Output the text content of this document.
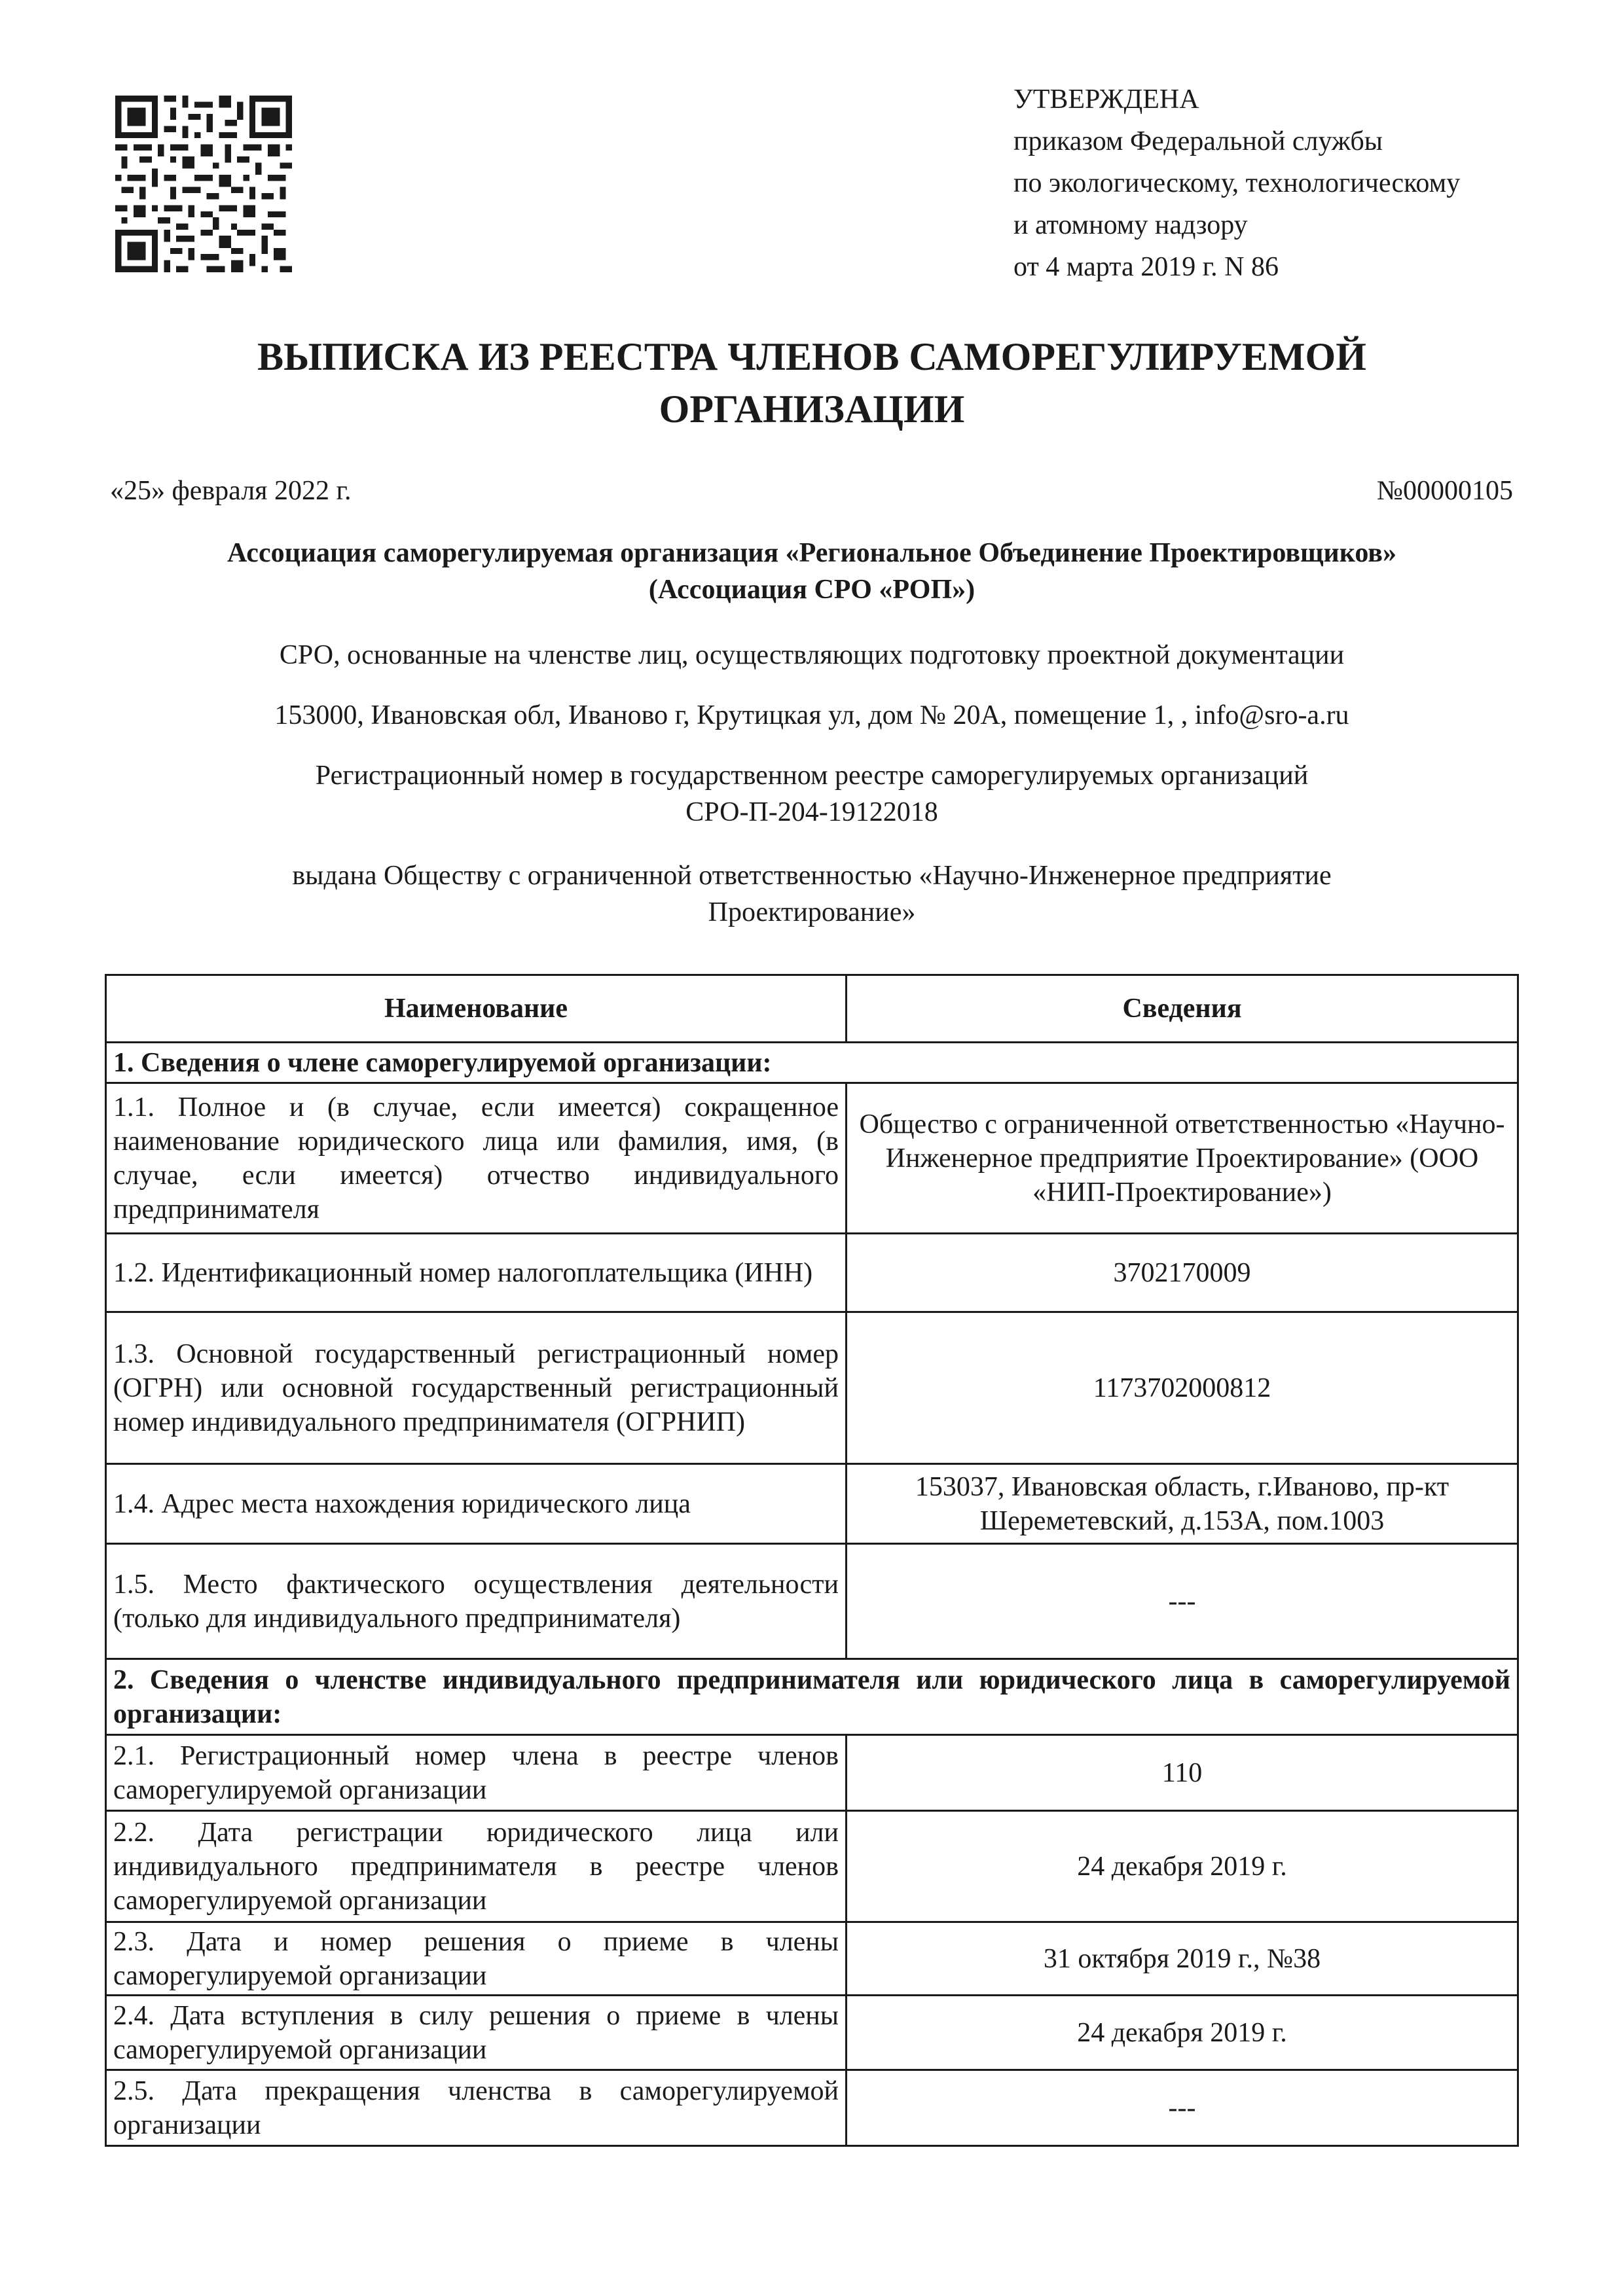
УТВЕРЖДЕНА
приказом Федеральной службы
по экологическому, технологическому
и атомному надзору
от 4 марта 2019 г. N 86
ВЫПИСКА ИЗ РЕЕСТРА ЧЛЕНОВ САМОРЕГУЛИРУЕМОЙ
ОРГАНИЗАЦИИ
«25» февраля 2022 г.	№00000105
Ассоциация саморегулируемая организация «Региональное Объединение Проектировщиков»
(Ассоциация СРО «РОП»)
СРО, основанные на членстве лиц, осуществляющих подготовку проектной документации
153000, Ивановская обл, Иваново г, Крутицкая ул, дом № 20А, помещение 1, , info@sro-a.ru
Регистрационный номер в государственном реестре саморегулируемых организаций
СРО-П-204-19122018
выдана Обществу с ограниченной ответственностью «Научно-Инженерное предприятие
Проектирование»
Наименование	Сведения
1. Сведения о члене саморегулируемой организации:	
1.1. Полное и (в случае, если имеется) сокращенное наименование юридического лица или фамилия, имя, (в случае, если имеется) отчество индивидуального предпринимателя	Общество с ограниченной ответственностью «Научно-Инженерное предприятие Проектирование» (ООО «НИП-Проектирование»)
1.2. Идентификационный номер налогоплательщика (ИНН)	3702170009
1.3. Основной государственный регистрационный номер (ОГРН) или основной государственный регистрационный номер индивидуального предпринимателя (ОГРНИП)	1173702000812
1.4. Адрес места нахождения юридического лица	153037, Ивановская область, г.Иваново, пр-кт Шереметевский, д.153А, пом.1003
1.5. Место фактического осуществления деятельности (только для индивидуального предпринимателя)	---
2. Сведения о членстве индивидуального предпринимателя или юридического лица в саморегулируемой организации:	
2.1. Регистрационный номер члена в реестре членов саморегулируемой организации	110
2.2. Дата регистрации юридического лица или индивидуального предпринимателя в реестре членов саморегулируемой организации	24 декабря 2019 г.
2.3. Дата и номер решения о приеме в члены саморегулируемой организации	31 октября 2019 г., №38
2.4. Дата вступления в силу решения о приеме в члены саморегулируемой организации	24 декабря 2019 г.
2.5. Дата прекращения членства в саморегулируемой организации	---
